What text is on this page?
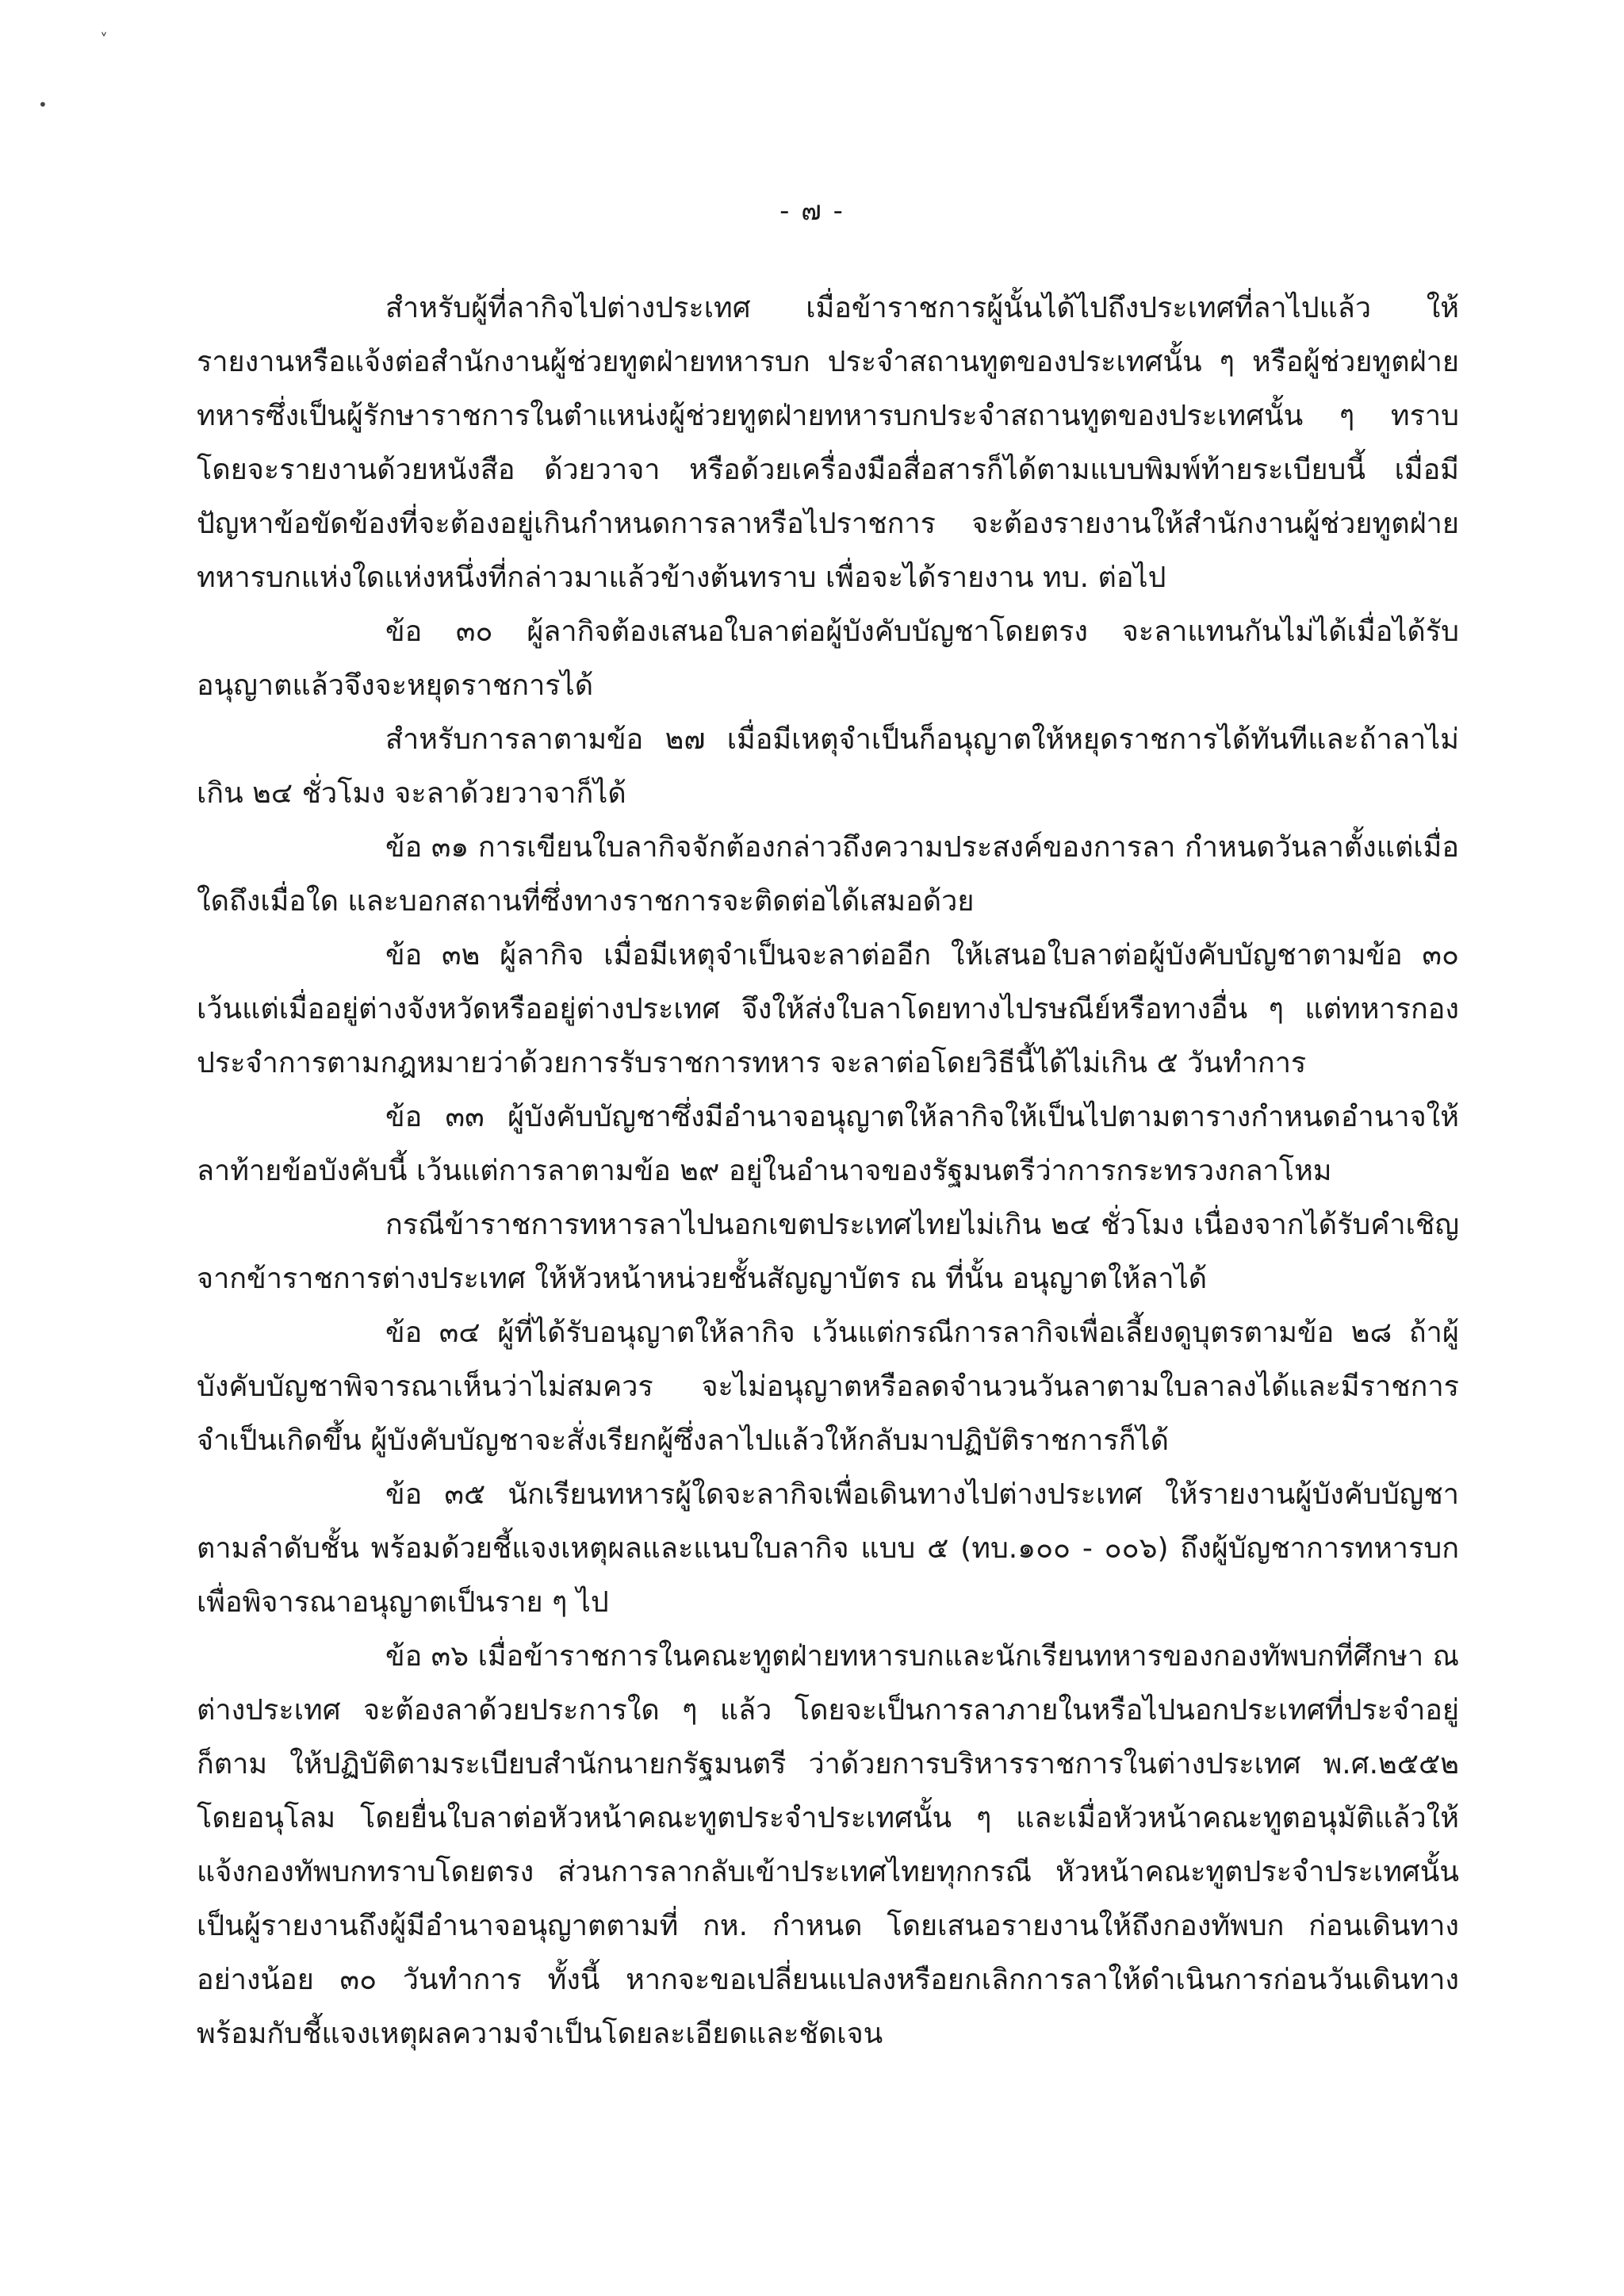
˅
•
- ๗ -

สำหรับผู้ที่ลากิจไปต่างประเทศ เมื่อข้าราชการผู้นั้นได้ไปถึงประเทศที่ลาไปแล้ว ให้รายงานหรือแจ้งต่อสำนักงานผู้ช่วยทูตฝ่ายทหารบก ประจำสถานทูตของประเทศนั้น ๆ หรือผู้ช่วยทูตฝ่ายทหารซึ่งเป็นผู้รักษาราชการในตำแหน่งผู้ช่วยทูตฝ่ายทหารบกประจำสถานทูตของประเทศนั้น ๆ ทราบ โดยจะรายงานด้วยหนังสือ ด้วยวาจา หรือด้วยเครื่องมือสื่อสารก็ได้ตามแบบพิมพ์ท้ายระเบียบนี้ เมื่อมีปัญหาข้อขัดข้องที่จะต้องอยู่เกินกำหนดการลาหรือไปราชการ จะต้องรายงานให้สำนักงานผู้ช่วยทูตฝ่ายทหารบกแห่งใดแห่งหนึ่งที่กล่าวมาแล้วข้างต้นทราบ เพื่อจะได้รายงาน ทบ. ต่อไป

ข้อ ๓๐ ผู้ลากิจต้องเสนอใบลาต่อผู้บังคับบัญชาโดยตรง จะลาแทนกันไม่ได้เมื่อได้รับอนุญาตแล้วจึงจะหยุดราชการได้

สำหรับการลาตามข้อ ๒๗ เมื่อมีเหตุจำเป็นก็อนุญาตให้หยุดราชการได้ทันทีและถ้าลาไม่เกิน ๒๔ ชั่วโมง จะลาด้วยวาจาก็ได้

ข้อ ๓๑ การเขียนใบลากิจจักต้องกล่าวถึงความประสงค์ของการลา กำหนดวันลาตั้งแต่เมื่อใดถึงเมื่อใด และบอกสถานที่ซึ่งทางราชการจะติดต่อได้เสมอด้วย

ข้อ ๓๒ ผู้ลากิจ เมื่อมีเหตุจำเป็นจะลาต่ออีก ให้เสนอใบลาต่อผู้บังคับบัญชาตามข้อ ๓๐ เว้นแต่เมื่ออยู่ต่างจังหวัดหรืออยู่ต่างประเทศ จึงให้ส่งใบลาโดยทางไปรษณีย์หรือทางอื่น ๆ แต่ทหารกองประจำการตามกฎหมายว่าด้วยการรับราชการทหาร จะลาต่อโดยวิธีนี้ได้ไม่เกิน ๕ วันทำการ

ข้อ ๓๓ ผู้บังคับบัญชาซึ่งมีอำนาจอนุญาตให้ลากิจให้เป็นไปตามตารางกำหนดอำนาจให้ลาท้ายข้อบังคับนี้ เว้นแต่การลาตามข้อ ๒๙ อยู่ในอำนาจของรัฐมนตรีว่าการกระทรวงกลาโหม

กรณีข้าราชการทหารลาไปนอกเขตประเทศไทยไม่เกิน ๒๔ ชั่วโมง เนื่องจากได้รับคำเชิญจากข้าราชการต่างประเทศ ให้หัวหน้าหน่วยชั้นสัญญาบัตร ณ ที่นั้น อนุญาตให้ลาได้

ข้อ ๓๔ ผู้ที่ได้รับอนุญาตให้ลากิจ เว้นแต่กรณีการลากิจเพื่อเลี้ยงดูบุตรตามข้อ ๒๘ ถ้าผู้บังคับบัญชาพิจารณาเห็นว่าไม่สมควร จะไม่อนุญาตหรือลดจำนวนวันลาตามใบลาลงได้และมีราชการจำเป็นเกิดขึ้น ผู้บังคับบัญชาจะสั่งเรียกผู้ซึ่งลาไปแล้วให้กลับมาปฏิบัติราชการก็ได้

ข้อ ๓๕ นักเรียนทหารผู้ใดจะลากิจเพื่อเดินทางไปต่างประเทศ ให้รายงานผู้บังคับบัญชาตามลำดับชั้น พร้อมด้วยชี้แจงเหตุผลและแนบใบลากิจ แบบ ๕ (ทบ.๑๐๐ - ๐๐๖) ถึงผู้บัญชาการทหารบกเพื่อพิจารณาอนุญาตเป็นราย ๆ ไป

ข้อ ๓๖ เมื่อข้าราชการในคณะทูตฝ่ายทหารบกและนักเรียนทหารของกองทัพบกที่ศึกษา ณ ต่างประเทศ จะต้องลาด้วยประการใด ๆ แล้ว โดยจะเป็นการลาภายในหรือไปนอกประเทศที่ประจำอยู่ก็ตาม ให้ปฏิบัติตามระเบียบสำนักนายกรัฐมนตรี ว่าด้วยการบริหารราชการในต่างประเทศ พ.ศ.๒๕๕๒ โดยอนุโลม โดยยื่นใบลาต่อหัวหน้าคณะทูตประจำประเทศนั้น ๆ และเมื่อหัวหน้าคณะทูตอนุมัติแล้วให้แจ้งกองทัพบกทราบโดยตรง ส่วนการลากลับเข้าประเทศไทยทุกกรณี หัวหน้าคณะทูตประจำประเทศนั้นเป็นผู้รายงานถึงผู้มีอำนาจอนุญาตตามที่ กห. กำหนด โดยเสนอรายงานให้ถึงกองทัพบก ก่อนเดินทางอย่างน้อย ๓๐ วันทำการ ทั้งนี้ หากจะขอเปลี่ยนแปลงหรือยกเลิกการลาให้ดำเนินการก่อนวันเดินทาง พร้อมกับชี้แจงเหตุผลความจำเป็นโดยละเอียดและชัดเจน
